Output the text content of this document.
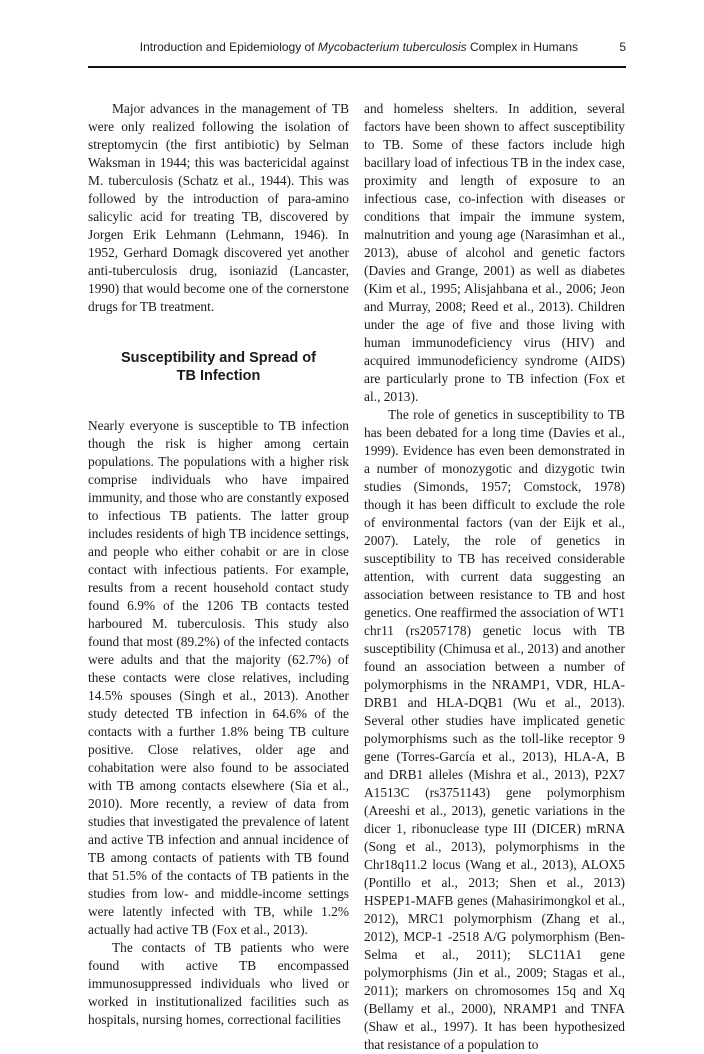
Introduction and Epidemiology of Mycobacterium tuberculosis Complex in Humans	5

Major advances in the management of TB were only realized following the isolation of streptomycin (the first antibiotic) by Selman Waksman in 1944; this was bactericidal against M. tuberculosis (Schatz et al., 1944). This was followed by the introduction of para-amino salicylic acid for treating TB, discovered by Jorgen Erik Lehmann (Lehmann, 1946). In 1952, Gerhard Domagk discovered yet another anti-tuberculosis drug, isoniazid (Lancaster, 1990) that would become one of the cornerstone drugs for TB treatment.

Susceptibility and Spread of
TB Infection

Nearly everyone is susceptible to TB infection though the risk is higher among certain populations. The populations with a higher risk comprise individuals who have impaired immunity, and those who are constantly exposed to infectious TB patients. The latter group includes residents of high TB incidence settings, and people who either cohabit or are in close contact with infectious patients. For example, results from a recent household contact study found 6.9% of the 1206 TB contacts tested harboured M. tuberculosis. This study also found that most (89.2%) of the infected contacts were adults and that the majority (62.7%) of these contacts were close relatives, including 14.5% spouses (Singh et al., 2013). Another study detected TB infection in 64.6% of the contacts with a further 1.8% being TB culture positive. Close relatives, older age and cohabitation were also found to be associated with TB among contacts elsewhere (Sia et al., 2010). More recently, a review of data from studies that investigated the prevalence of latent and active TB infection and annual incidence of TB among contacts of patients with TB found that 51.5% of the contacts of TB patients in the studies from low- and middle-income settings were latently infected with TB, while 1.2% actually had active TB (Fox et al., 2013).

The contacts of TB patients who were found with active TB encompassed immunosuppressed individuals who lived or worked in institutionalized facilities such as hospitals, nursing homes, correctional facilities

and homeless shelters. In addition, several factors have been shown to affect susceptibility to TB. Some of these factors include high bacillary load of infectious TB in the index case, proximity and length of exposure to an infectious case, co-infection with diseases or conditions that impair the immune system, malnutrition and young age (Narasimhan et al., 2013), abuse of alcohol and genetic factors (Davies and Grange, 2001) as well as diabetes (Kim et al., 1995; Alisjahbana et al., 2006; Jeon and Murray, 2008; Reed et al., 2013). Children under the age of five and those living with human immunodeficiency virus (HIV) and acquired immunodeficiency syndrome (AIDS) are particularly prone to TB infection (Fox et al., 2013).

The role of genetics in susceptibility to TB has been debated for a long time (Davies et al., 1999). Evidence has even been demonstrated in a number of monozygotic and dizygotic twin studies (Simonds, 1957; Comstock, 1978) though it has been difficult to exclude the role of environmental factors (van der Eijk et al., 2007). Lately, the role of genetics in susceptibility to TB has received considerable attention, with current data suggesting an association between resistance to TB and host genetics. One reaffirmed the association of WT1 chr11 (rs2057178) genetic locus with TB susceptibility (Chimusa et al., 2013) and another found an association between a number of polymorphisms in the NRAMP1, VDR, HLA-DRB1 and HLA-DQB1 (Wu et al., 2013). Several other studies have implicated genetic polymorphisms such as the toll-like receptor 9 gene (Torres-García et al., 2013), HLA-A, B and DRB1 alleles (Mishra et al., 2013), P2X7 A1513C (rs3751143) gene polymorphism (Areeshi et al., 2013), genetic variations in the dicer 1, ribonuclease type III (DICER) mRNA (Song et al., 2013), polymorphisms in the Chr18q11.2 locus (Wang et al., 2013), ALOX5 (Pontillo et al., 2013; Shen et al., 2013) HSPEP1-MAFB genes (Mahasirimongkol et al., 2012), MRC1 polymorphism (Zhang et al., 2012), MCP-1 -2518 A/G polymorphism (Ben-Selma et al., 2011); SLC11A1 gene polymorphisms (Jin et al., 2009; Stagas et al., 2011); markers on chromosomes 15q and Xq (Bellamy et al., 2000), NRAMP1 and TNFA (Shaw et al., 1997). It has been hypothesized that resistance of a population to
